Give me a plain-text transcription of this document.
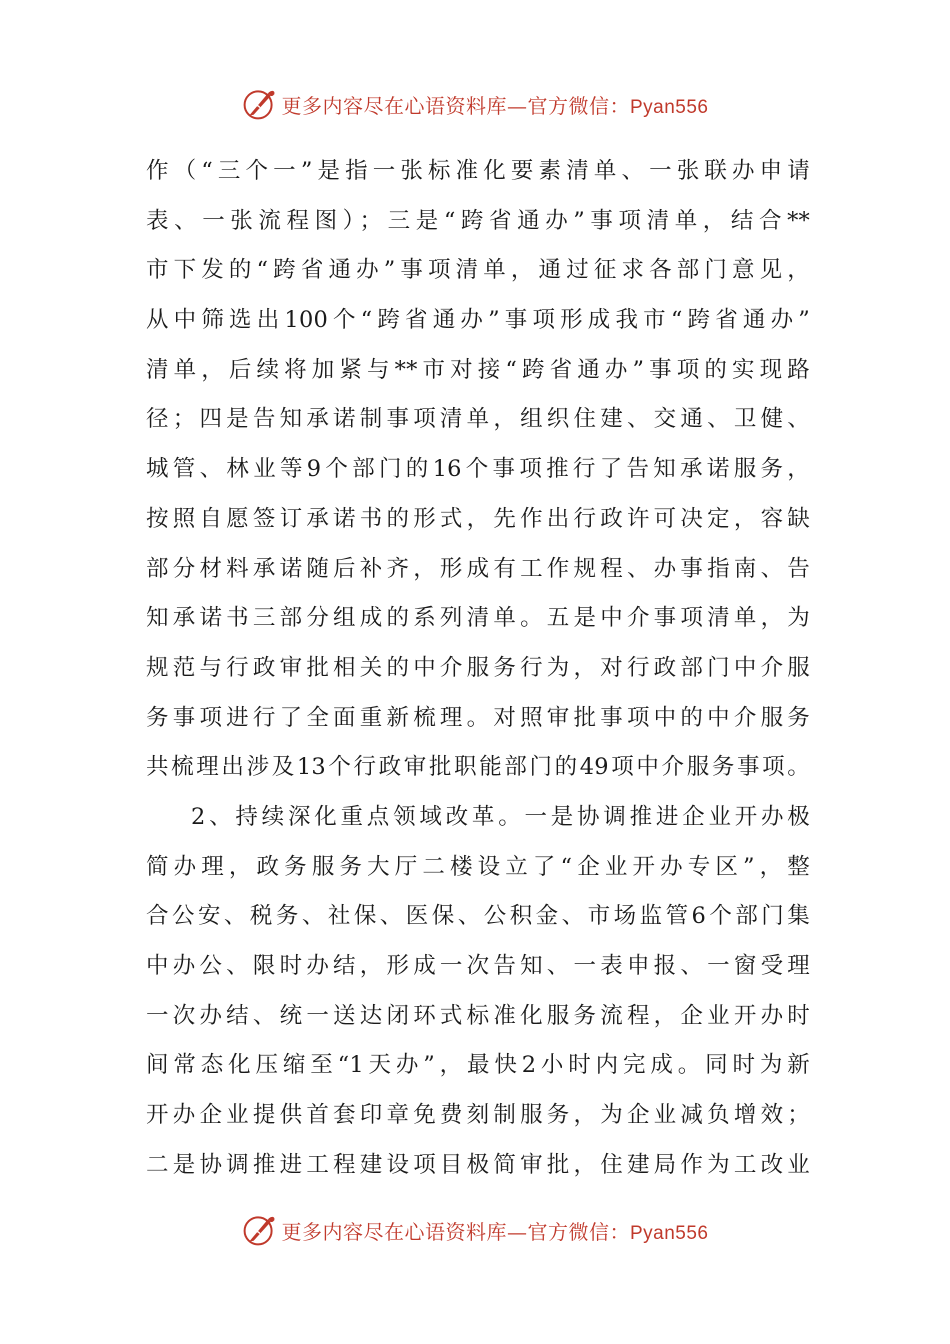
更多内容尽在心语资料库—官方微信：Pyan556
作（“三个一”是指一张标准化要素清单、一张联办申请
表、一张流程图）；三是“跨省通办”事项清单，结合**
市下发的“跨省通办”事项清单，通过征求各部门意见，
从中筛选出100个“跨省通办”事项形成我市“跨省通办”
清单，后续将加紧与**市对接“跨省通办”事项的实现路
径；四是告知承诺制事项清单，组织住建、交通、卫健、
城管、林业等9个部门的16个事项推行了告知承诺服务，
按照自愿签订承诺书的形式，先作出行政许可决定，容缺
部分材料承诺随后补齐，形成有工作规程、办事指南、告
知承诺书三部分组成的系列清单。五是中介事项清单，为
规范与行政审批相关的中介服务行为，对行政部门中介服
务事项进行了全面重新梳理。对照审批事项中的中介服务
共梳理出涉及13个行政审批职能部门的49项中介服务事项。
2、持续深化重点领域改革。一是协调推进企业开办极
简办理，政务服务大厅二楼设立了“企业开办专区”，整
合公安、税务、社保、医保、公积金、市场监管6个部门集
中办公、限时办结，形成一次告知、一表申报、一窗受理
一次办结、统一送达闭环式标准化服务流程，企业开办时
间常态化压缩至“1天办”，最快2小时内完成。同时为新
开办企业提供首套印章免费刻制服务，为企业减负增效；
二是协调推进工程建设项目极简审批，住建局作为工改业
更多内容尽在心语资料库—官方微信：Pyan556
